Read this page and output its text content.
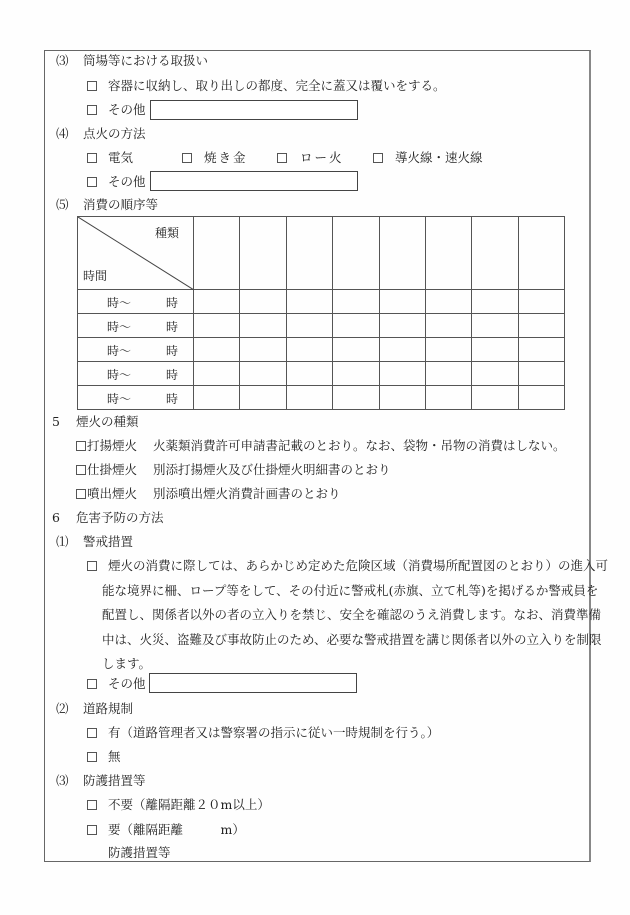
⑶ 筒場等における取扱い
容器に収納し、取り出しの都度、完全に蓋又は覆いをする。
その他
⑷ 点火の方法
電気	焼き金	ロー火	導火線・速火線
その他
⑸ 消費の順序等
種類
時間								

時～ 時								

時～ 時								

時～ 時								

時～ 時								

時～ 時								

5 煙火の種類
打揚煙火 火薬類消費許可申請書記載のとおり。なお、袋物・吊物の消費はしない。
仕掛煙火 別添打揚煙火及び仕掛煙火明細書のとおり
噴出煙火 別添噴出煙火消費計画書のとおり
6 危害予防の方法
⑴ 警戒措置
煙火の消費に際しては、あらかじめ定めた危険区域（消費場所配置図のとおり）の進入可
能な境界に柵、ロープ等をして、その付近に警戒札(赤旗、立て札等)を掲げるか警戒員を
配置し、関係者以外の者の立入りを禁じ、安全を確認のうえ消費します。なお、消費準備
中は、火災、盗難及び事故防止のため、必要な警戒措置を講じ関係者以外の立入りを制限
します。
その他
⑵ 道路規制
有（道路管理者又は警察署の指示に従い一時規制を行う。）
無
⑶ 防護措置等
不要（離隔距離２０m以上）
要（離隔距離　　　m）
防護措置等
